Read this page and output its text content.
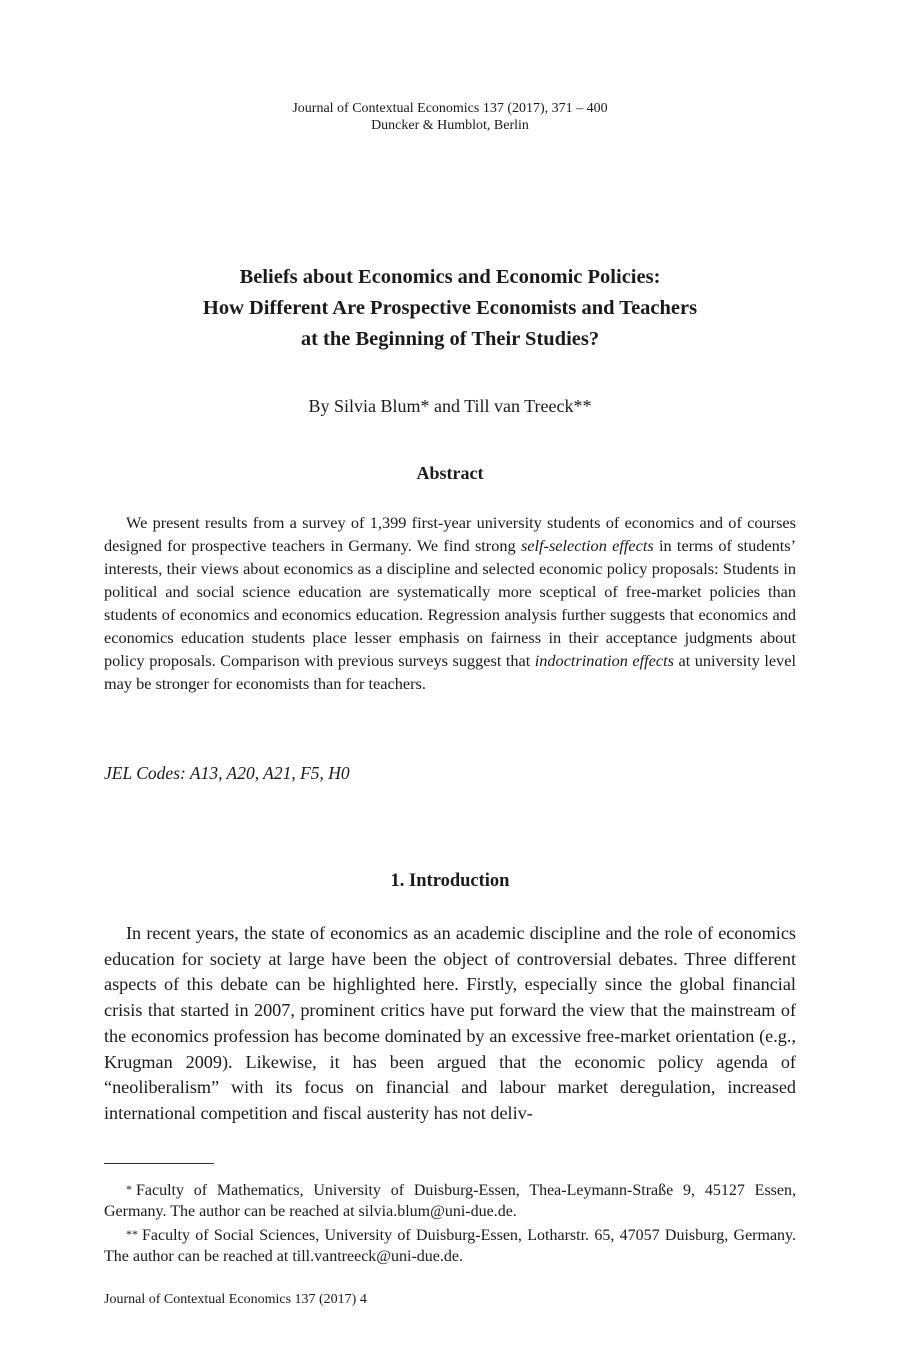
Journal of Contextual Economics 137 (2017), 371 – 400
Duncker & Humblot, Berlin
Beliefs about Economics and Economic Policies:
How Different Are Prospective Economists and Teachers
at the Beginning of Their Studies?
By Silvia Blum* and Till van Treeck**
Abstract

We present results from a survey of 1,399 first-year university students of economics and of courses designed for prospective teachers in Germany. We find strong self-selection effects in terms of students’ interests, their views about economics as a discipline and selected economic policy proposals: Students in political and social science education are systematically more sceptical of free-market policies than students of economics and economics education. Regression analysis further suggests that economics and economics education students place lesser emphasis on fairness in their acceptance judgments about policy proposals. Comparison with previous surveys suggest that indoctrination effects at university level may be stronger for economists than for teachers.

JEL Codes: A13, A20, A21, F5, H0
1. Introduction

In recent years, the state of economics as an academic discipline and the role of economics education for society at large have been the object of controversial debates. Three different aspects of this debate can be highlighted here. Firstly, especially since the global financial crisis that started in 2007, prominent critics have put forward the view that the mainstream of the economics profession has become dominated by an excessive free-market orientation (e.g., Krugman 2009). Likewise, it has been argued that the economic policy agenda of “neoliberalism” with its focus on financial and labour market deregulation, increased international competition and fiscal austerity has not deliv-

* Faculty of Mathematics, University of Duisburg-Essen, Thea-Leymann-Straße 9, 45127 Essen, Germany. The author can be reached at silvia.blum@uni-due.de.

** Faculty of Social Sciences, University of Duisburg-Essen, Lotharstr. 65, 47057 Duisburg, Germany. The author can be reached at till.vantreeck@uni-due.de.

Journal of Contextual Economics 137 (2017) 4
